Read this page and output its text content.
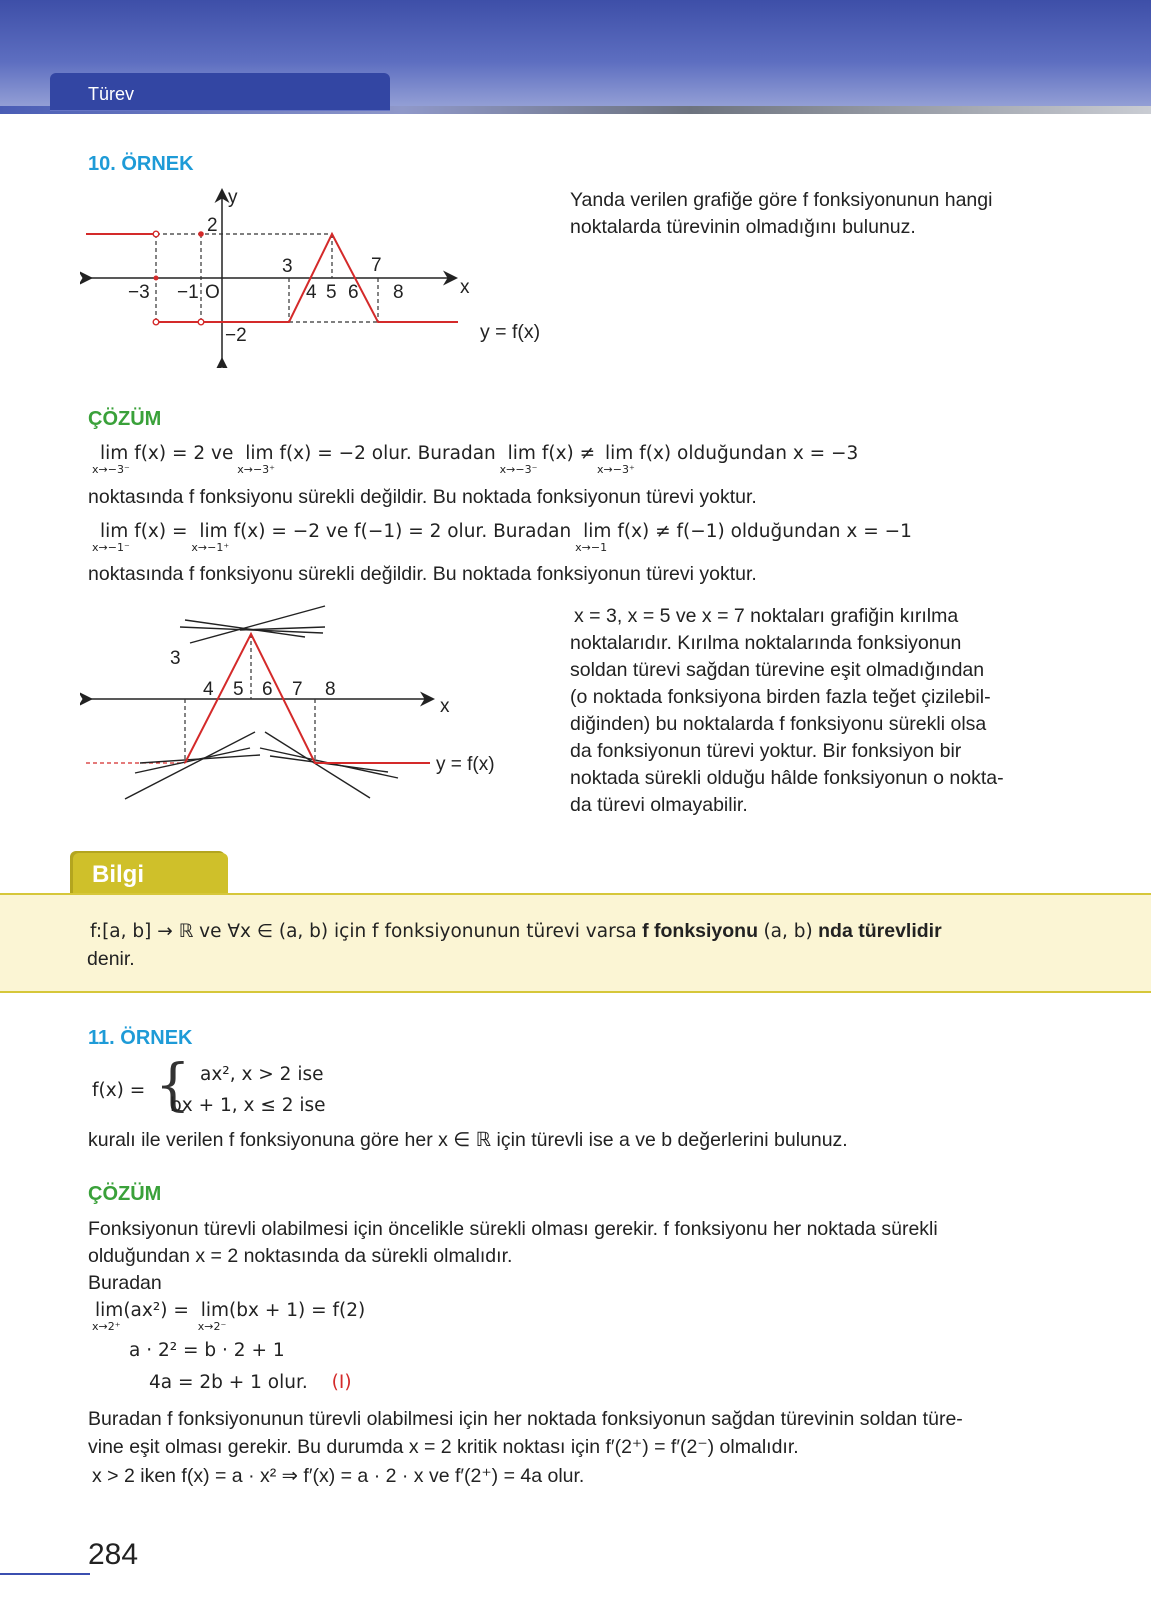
Türev
10. ÖRNEK
y
x
2
−2
−3 −1 O
3
4 5 6
7
8
y = f(x)
Yanda verilen grafiğe göre f fonksiyonunun hangi
noktalarda türevinin olmadığını bulunuz.
ÇÖZÜM
lim
x→−3⁻
f(x) = 2 ve lim
x→−3⁺
f(x) = −2 olur. Buradan lim
x→−3⁻
f(x) ≠ lim
x→−3⁺
f(x) olduğundan x = −3
noktasında f fonksiyonu sürekli değildir. Bu noktada fonksiyonun türevi yoktur.
lim
x→−1⁻
f(x) = lim
x→−1⁺
f(x) = −2 ve f(−1) = 2 olur. Buradan lim
x→−1
f(x) ≠ f(−1) olduğundan x = −1
noktasında f fonksiyonu sürekli değildir. Bu noktada fonksiyonun türevi yoktur.
3
4 5 6 7 8
x
y = f(x)
x = 3, x = 5 ve x = 7 noktaları grafiğin kırılma
noktalarıdır. Kırılma noktalarında fonksiyonun
soldan türevi sağdan türevine eşit olmadığından
(o noktada fonksiyona birden fazla teğet çizilebil-
diğinden) bu noktalarda f fonksiyonu sürekli olsa
da fonksiyonun türevi yoktur. Bir fonksiyon bir
noktada sürekli olduğu hâlde fonksiyonun o nokta-
da türevi olmayabilir.
Bilgi
f:[a, b] → ℝ ve ∀x ∈ (a, b) için f fonksiyonunun türevi varsa f fonksiyonu (a, b) nda türevlidir
denir.
11. ÖRNEK
f(x) = { ax², x > 2 ise
bx + 1, x ≤ 2 ise
kuralı ile verilen f fonksiyonuna göre her x ∈ ℝ için türevli ise a ve b değerlerini bulunuz.
ÇÖZÜM
Fonksiyonun türevli olabilmesi için öncelikle sürekli olması gerekir. f fonksiyonu her noktada sürekli
olduğundan x = 2 noktasında da sürekli olmalıdır.
Buradan
lim
x→2⁺
(ax²) = lim
x→2⁻
(bx + 1) = f(2)
a · 2² = b · 2 + 1
4a = 2b + 1 olur. (I)
Buradan f fonksiyonunun türevli olabilmesi için her noktada fonksiyonun sağdan türevinin soldan türe-
vine eşit olması gerekir. Bu durumda x = 2 kritik noktası için f′(2⁺) = f′(2⁻) olmalıdır.
x > 2 iken f(x) = a · x² ⇒ f′(x) = a · 2 · x ve f′(2⁺) = 4a olur.
284
